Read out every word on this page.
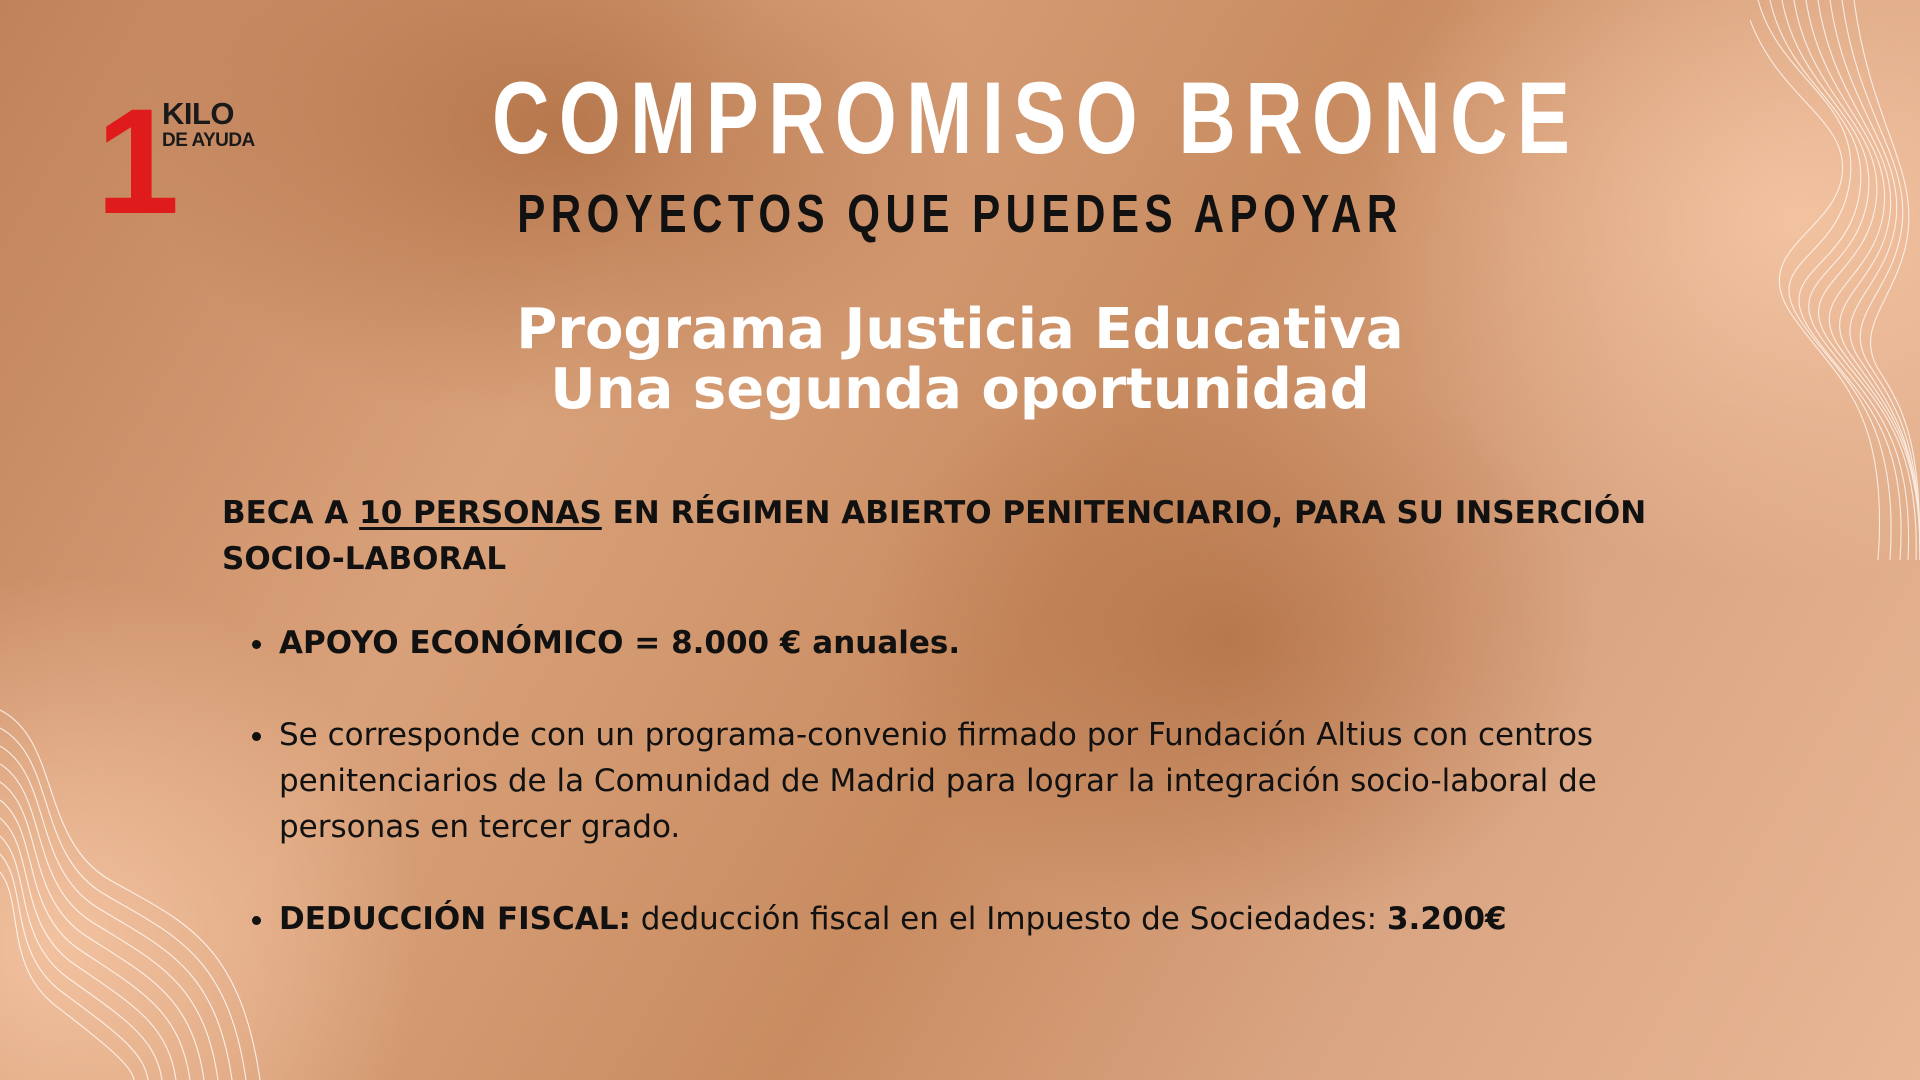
1
KILO
DE AYUDA COMPROMISO BRONCE
PROYECTOS QUE PUEDES APOYAR
Programa Justicia Educativa
Una segunda oportunidad
BECA A 10 PERSONAS EN RÉGIMEN ABIERTO PENITENCIARIO, PARA SU INSERCIÓN SOCIO-LABORAL
APOYO ECONÓMICO = 8.000 € anuales.
Se corresponde con un programa-convenio firmado por Fundación Altius con centros penitenciarios de la Comunidad de Madrid para lograr la integración socio-laboral de personas en tercer grado.
DEDUCCIÓN FISCAL: deducción fiscal en el Impuesto de Sociedades: 3.200€
